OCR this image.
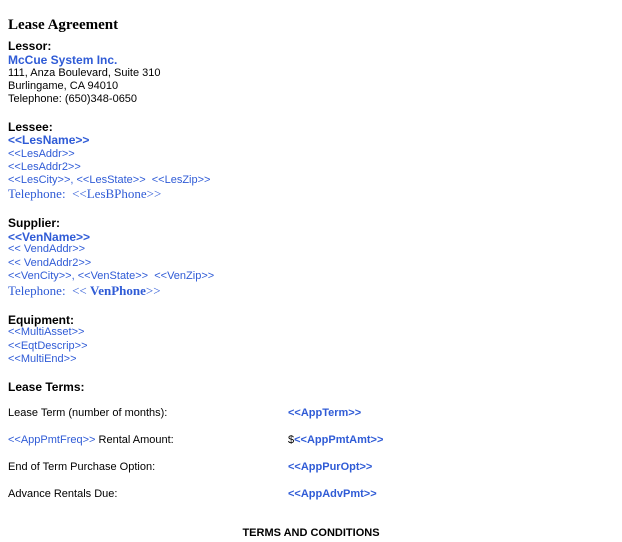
Lease Agreement
Lessor:
McCue System Inc.
111, Anza Boulevard, Suite 310
Burlingame, CA 94010
Telephone: (650)348-0650
Lessee:
<<LesName>>
<<LesAddr>>
<<LesAddr2>>
<<LesCity>>, <<LesState>> <<LesZip>>
Telephone: <<LesBPhone>>
Supplier:
<<VenName>>
<< VendAddr>>
<< VendAddr2>>
<<VenCity>>, <<VenState>> <<VenZip>>
Telephone: << VenPhone>>
Equipment:
<<MultiAsset>>
<<EqtDescrip>>
<<MultiEnd>>
Lease Terms:
Lease Term (number of months):	<<AppTerm>>
<<AppPmtFreq>> Rental Amount:	$<<AppPmtAmt>>
End of Term Purchase Option:	<<AppPurOpt>>
Advance Rentals Due:	<<AppAdvPmt>>
TERMS AND CONDITIONS
